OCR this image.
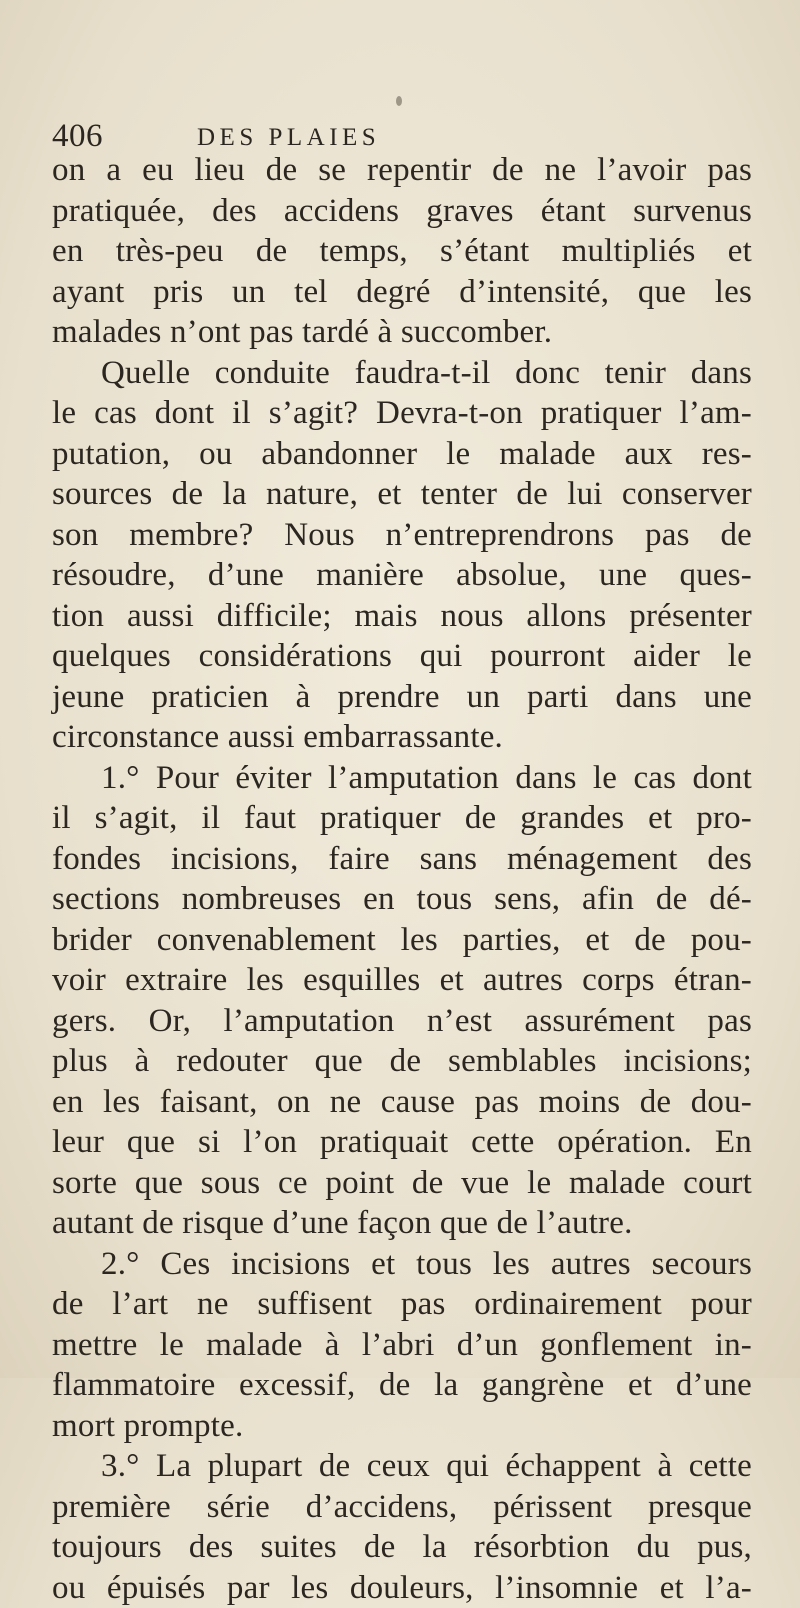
406	DES PLAIES
on a eu lieu de se repentir de ne l’avoir pas
pratiquée, des accidens graves étant survenus
en très-peu de temps, s’étant multipliés et
ayant pris un tel degré d’intensité, que les
malades n’ont pas tardé à succomber.
Quelle conduite faudra-t-il donc tenir dans
le cas dont il s’agit? Devra-t-on pratiquer l’am-
putation, ou abandonner le malade aux res-
sources de la nature, et tenter de lui conserver
son membre? Nous n’entreprendrons pas de
résoudre, d’une manière absolue, une ques-
tion aussi difficile; mais nous allons présenter
quelques considérations qui pourront aider le
jeune praticien à prendre un parti dans une
circonstance aussi embarrassante.
1.° Pour éviter l’amputation dans le cas dont
il s’agit, il faut pratiquer de grandes et pro-
fondes incisions, faire sans ménagement des
sections nombreuses en tous sens, afin de dé-
brider convenablement les parties, et de pou-
voir extraire les esquilles et autres corps étran-
gers. Or, l’amputation n’est assurément pas
plus à redouter que de semblables incisions;
en les faisant, on ne cause pas moins de dou-
leur que si l’on pratiquait cette opération. En
sorte que sous ce point de vue le malade court
autant de risque d’une façon que de l’autre.
2.° Ces incisions et tous les autres secours
de l’art ne suffisent pas ordinairement pour
mettre le malade à l’abri d’un gonflement in-
flammatoire excessif, de la gangrène et d’une
mort prompte.
3.° La plupart de ceux qui échappent à cette
première série d’accidens, périssent presque
toujours des suites de la résorbtion du pus,
ou épuisés par les douleurs, l’insomnie et l’a-
